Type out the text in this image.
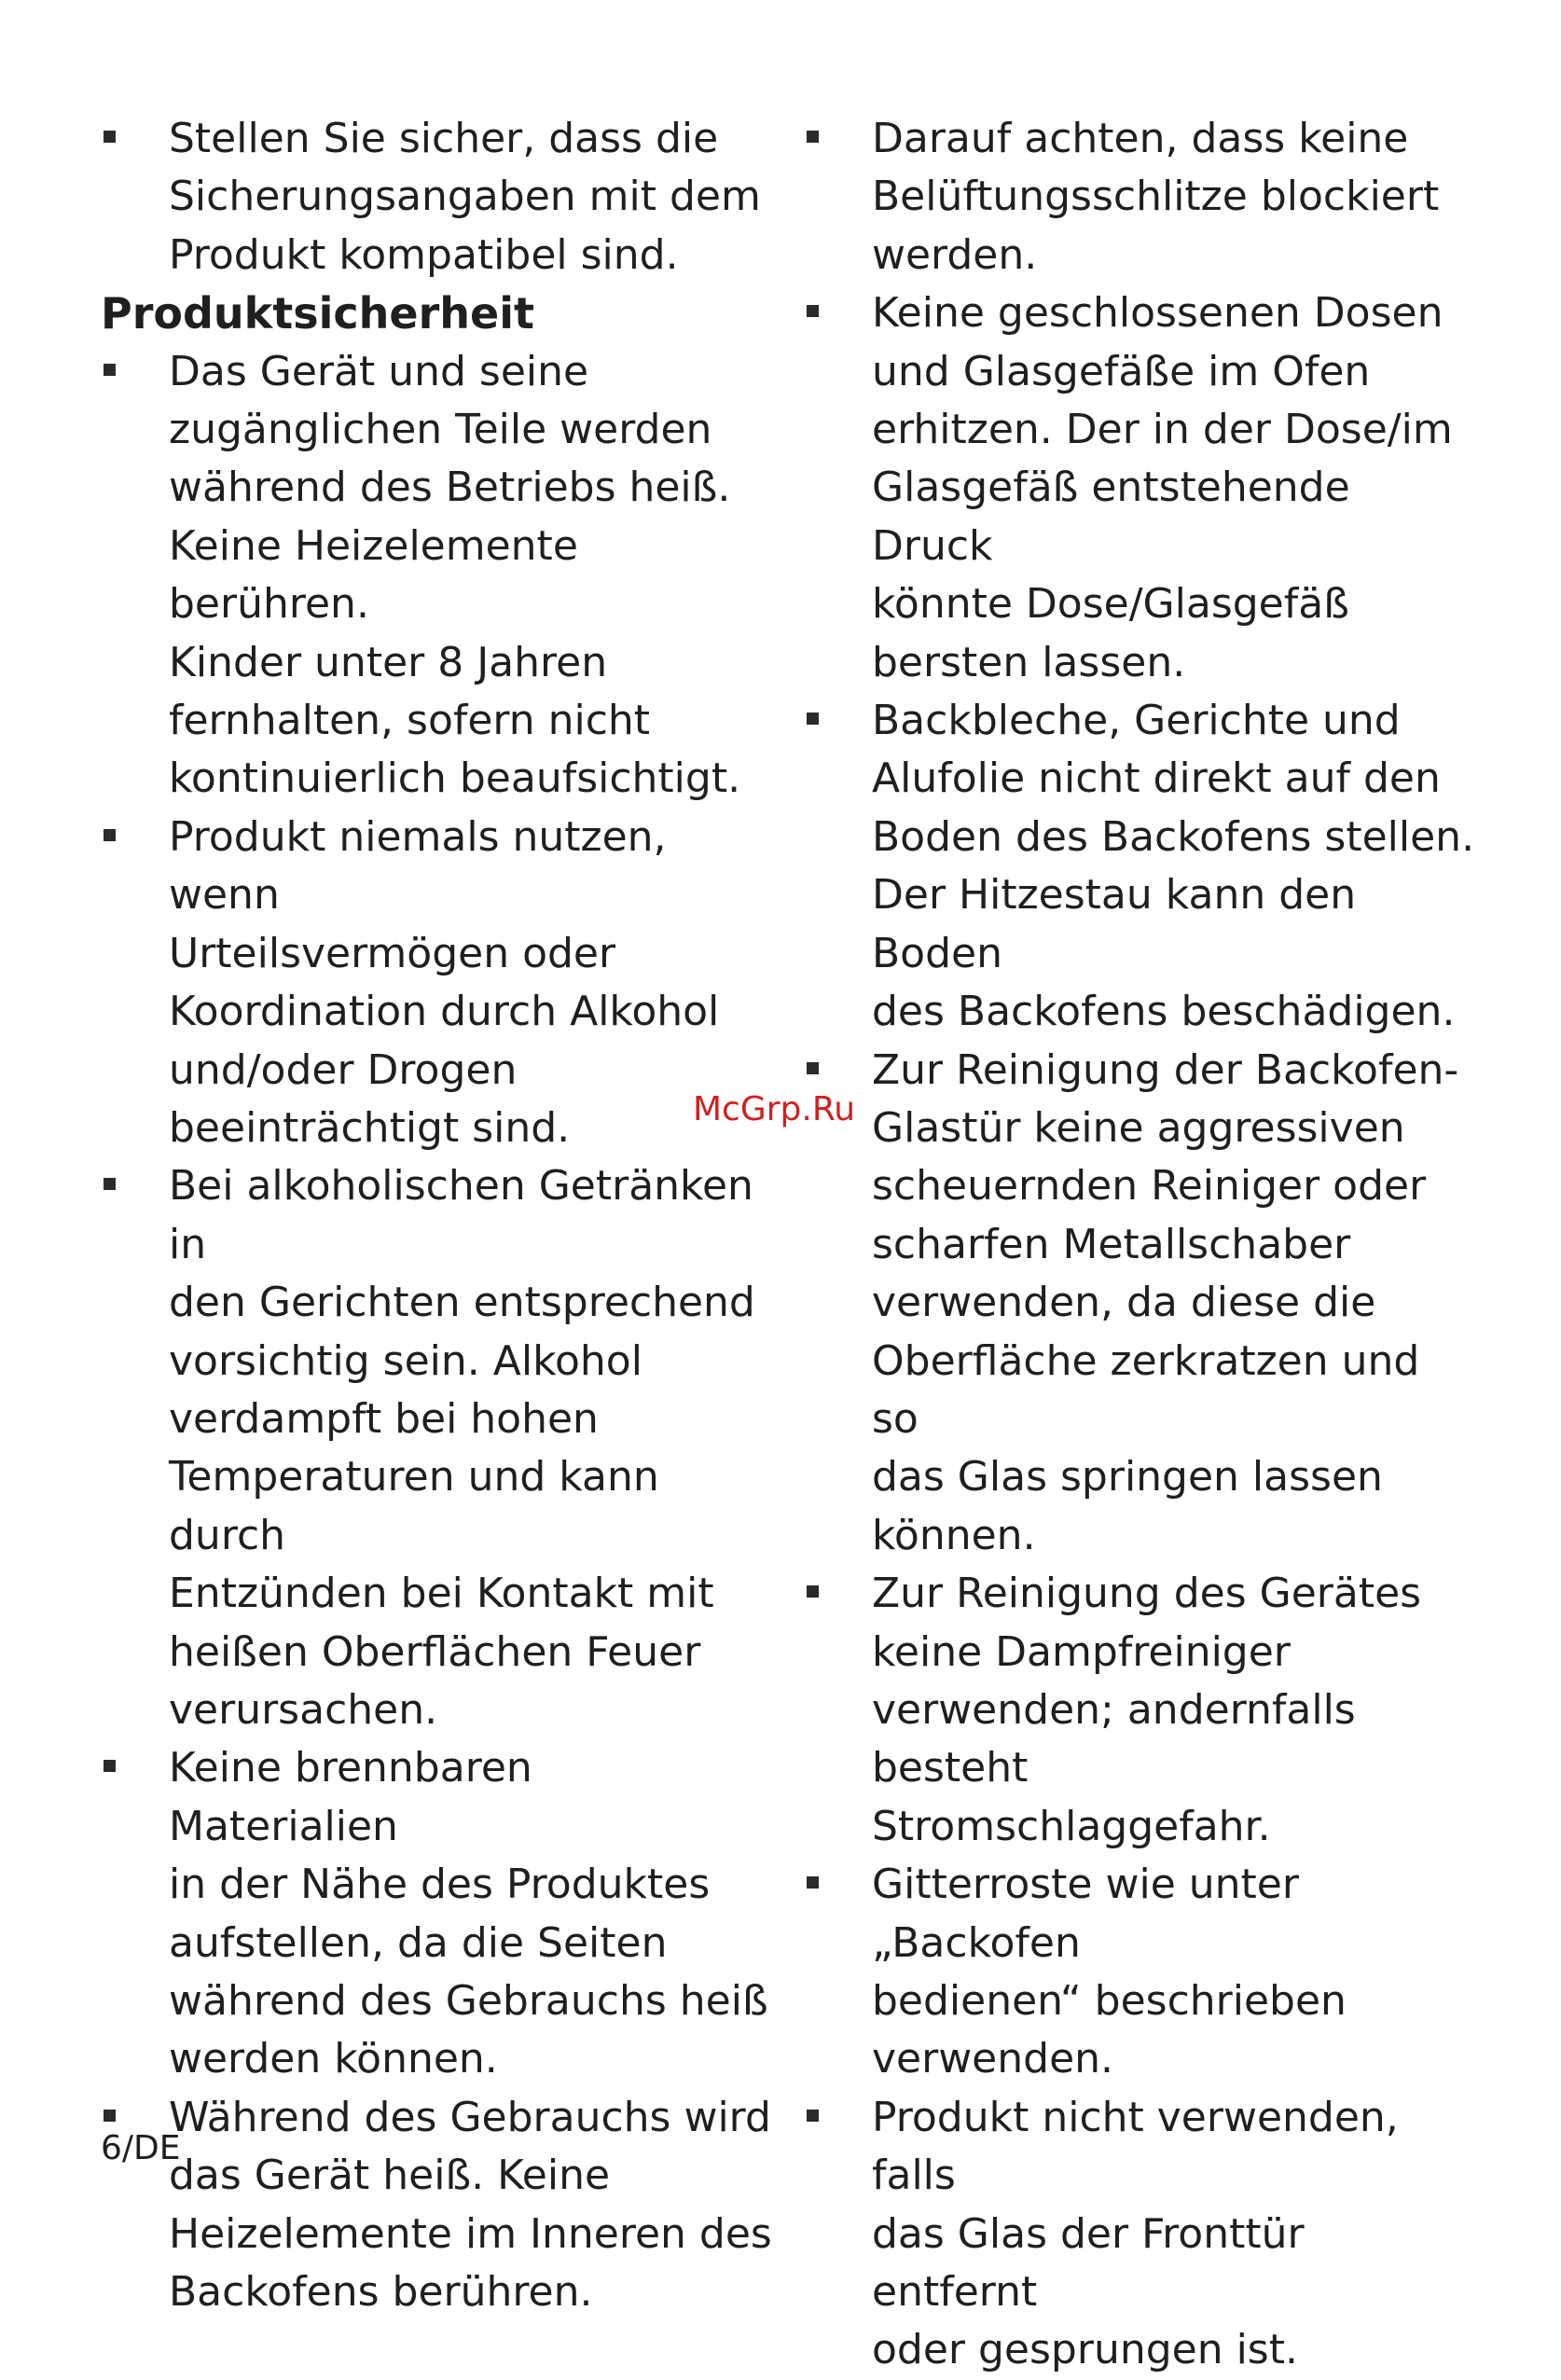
Stellen Sie sicher, dass die
Sicherungsangaben mit dem
Produkt kompatibel sind.

Produktsicherheit

Das Gerät und seine
zugänglichen Teile werden
während des Betriebs heiß.
Keine Heizelemente berühren.
Kinder unter 8 Jahren
fernhalten, sofern nicht
kontinuierlich beaufsichtigt.

Produkt niemals nutzen, wenn
Urteilsvermögen oder
Koordination durch Alkohol
und/oder Drogen
beeinträchtigt sind.

Bei alkoholischen Getränken in
den Gerichten entsprechend
vorsichtig sein. Alkohol
verdampft bei hohen
Temperaturen und kann durch
Entzünden bei Kontakt mit
heißen Oberflächen Feuer
verursachen.

Keine brennbaren Materialien
in der Nähe des Produktes
aufstellen, da die Seiten
während des Gebrauchs heiß
werden können.

Während des Gebrauchs wird
das Gerät heiß. Keine
Heizelemente im Inneren des
Backofens berühren.

Darauf achten, dass keine
Belüftungsschlitze blockiert
werden.

Keine geschlossenen Dosen
und Glasgefäße im Ofen
erhitzen. Der in der Dose/im
Glasgefäß entstehende Druck
könnte Dose/Glasgefäß
bersten lassen.

Backbleche, Gerichte und
Alufolie nicht direkt auf den
Boden des Backofens stellen.
Der Hitzestau kann den Boden
des Backofens beschädigen.

Zur Reinigung der Backofen-
Glastür keine aggressiven
scheuernden Reiniger oder
scharfen Metallschaber
verwenden, da diese die
Oberfläche zerkratzen und so
das Glas springen lassen
können.

Zur Reinigung des Gerätes
keine Dampfreiniger
verwenden; andernfalls besteht
Stromschlaggefahr.

Gitterroste wie unter
„Backofen
bedienen“ beschrieben
verwenden.

Produkt nicht verwenden, falls
das Glas der Fronttür entfernt
oder gesprungen ist.

McGrp.Ru
6/DE
